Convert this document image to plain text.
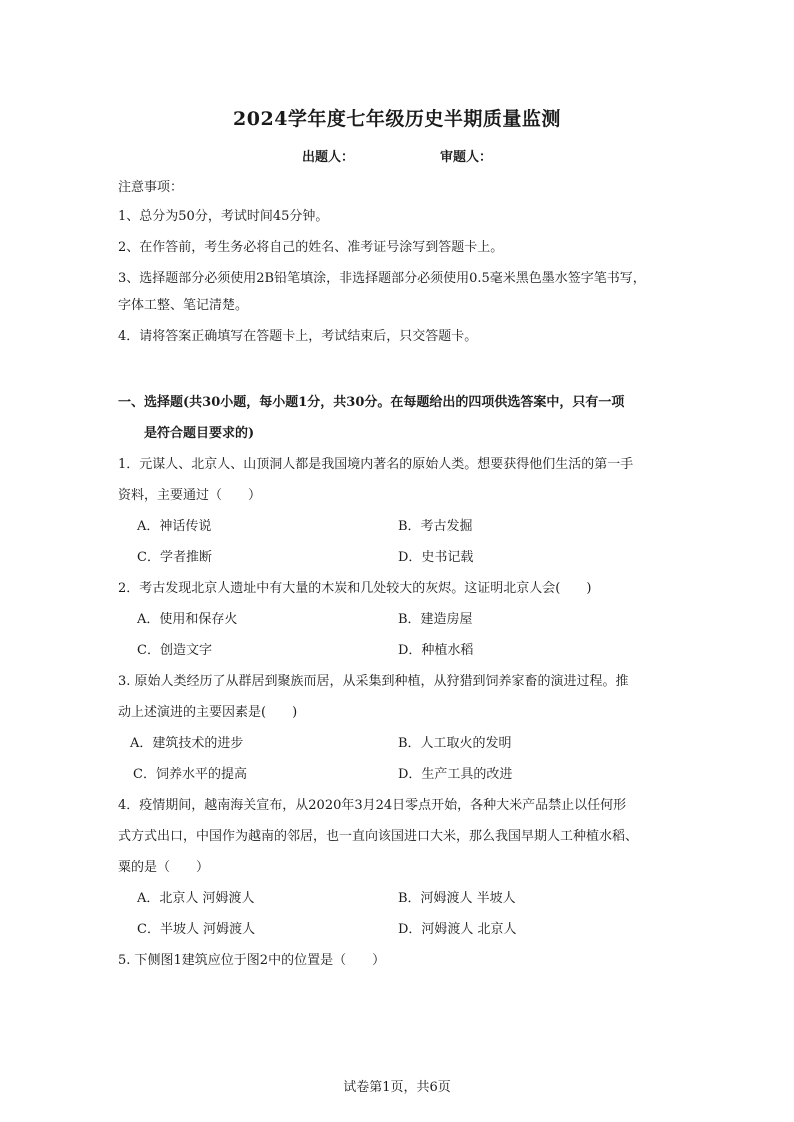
2024学年度七年级历史半期质量监测
出题人：	审题人：
注意事项：
1、总分为50分，考试时间45分钟。
2、在作答前，考生务必将自己的姓名、准考证号涂写到答题卡上。
3、选择题部分必须使用2B铅笔填涂，非选择题部分必须使用0.5毫米黑色墨水签字笔书写，
字体工整、笔记清楚。
4．请将答案正确填写在答题卡上，考试结束后，只交答题卡。
一、选择题(共30小题，每小题1分，共30分。在每题给出的四项供选答案中，只有一项
是符合题目要求的)
1．元谋人、北京人、山顶洞人都是我国境内著名的原始人类。想要获得他们生活的第一手
资料，主要通过（　　）
A．神话传说	B．考古发掘
C．学者推断	D．史书记载
2．考古发现北京人遗址中有大量的木炭和几处较大的灰烬。这证明北京人会(　　)
A．使用和保存火	B．建造房屋
C．创造文字	D．种植水稻
3. 原始人类经历了从群居到聚族而居，从采集到种植，从狩猎到饲养家畜的演进过程。推
动上述演进的主要因素是(　　)
A．建筑技术的进步	B．人工取火的发明
C．饲养水平的提高	D．生产工具的改进
4．疫情期间，越南海关宣布，从2020年3月24日零点开始，各种大米产品禁止以任何形
式方式出口，中国作为越南的邻居，也一直向该国进口大米，那么我国早期人工种植水稻、
粟的是（　　）
A．北京人 河姆渡人	B．河姆渡人 半坡人
C．半坡人 河姆渡人	D．河姆渡人 北京人
5. 下侧图1建筑应位于图2中的位置是（　　）
试卷第1页，共6页
